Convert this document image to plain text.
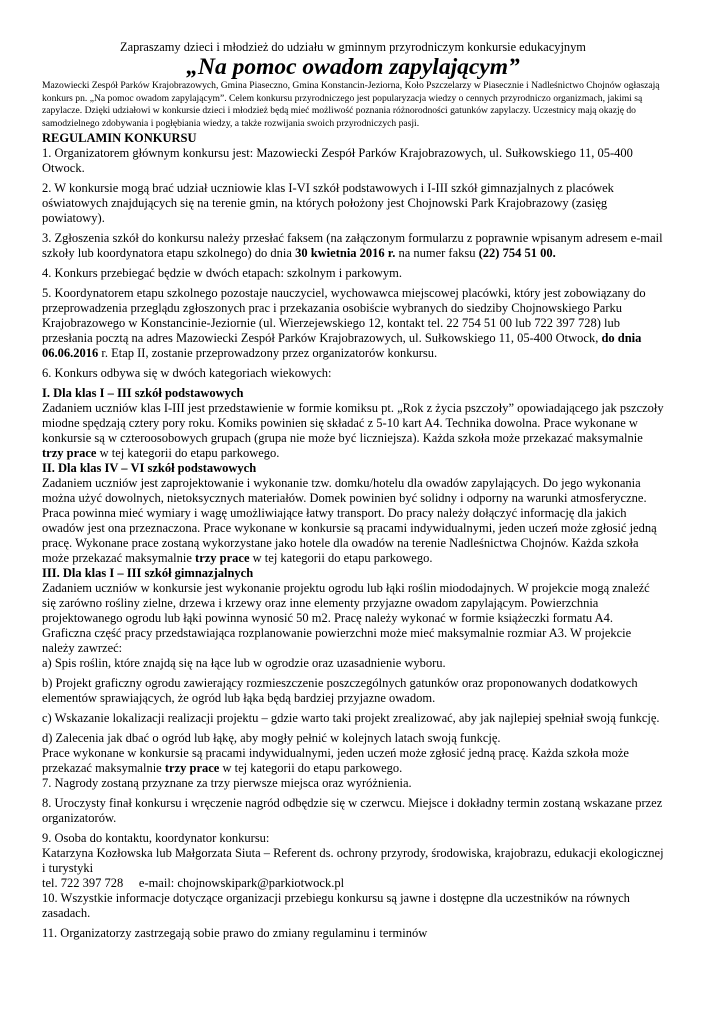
Zapraszamy dzieci i młodzież do udziału w gminnym przyrodniczym konkursie edukacyjnym

„Na pomoc owadom zapylającym”

Mazowiecki Zespół Parków Krajobrazowych, Gmina Piaseczno, Gmina Konstancin-Jeziorna, Koło Pszczelarzy w Piasecznie i Nadleśnictwo Chojnów ogłaszają konkurs pn. „Na pomoc owadom zapylającym”. Celem konkursu przyrodniczego jest popularyzacja wiedzy o cennych przyrodniczo organizmach, jakimi są zapylacze. Dzięki udziałowi w konkursie dzieci i młodzież będą mieć możliwość poznania różnorodności gatunków zapylaczy. Uczestnicy mają okazję do samodzielnego zdobywania i pogłębiania wiedzy, a także rozwijania swoich przyrodniczych pasji.

REGULAMIN KONKURSU

1. Organizatorem głównym konkursu jest: Mazowiecki Zespół Parków Krajobrazowych, ul. Sułkowskiego 11, 05-400 Otwock.

2. W konkursie mogą brać udział uczniowie klas I-VI szkół podstawowych i I-III szkół gimnazjalnych z placówek oświatowych znajdujących się na terenie gmin, na których położony jest Chojnowski Park Krajobrazowy (zasięg powiatowy).

3. Zgłoszenia szkół do konkursu należy przesłać faksem (na załączonym formularzu z poprawnie wpisanym adresem e-mail szkoły lub koordynatora etapu szkolnego) do dnia 30 kwietnia 2016 r. na numer faksu (22) 754 51 00.

4. Konkurs przebiegać będzie w dwóch etapach: szkolnym i parkowym.

5. Koordynatorem etapu szkolnego pozostaje nauczyciel, wychowawca miejscowej placówki, który jest zobowiązany do przeprowadzenia przeglądu zgłoszonych prac i przekazania osobiście wybranych do siedziby Chojnowskiego Parku Krajobrazowego w Konstancinie-Jeziornie (ul. Wierzejewskiego 12, kontakt tel. 22 754 51 00 lub 722 397 728) lub przesłania pocztą na adres Mazowiecki Zespół Parków Krajobrazowych, ul. Sułkowskiego 11, 05-400 Otwock, do dnia 06.06.2016 r. Etap II, zostanie przeprowadzony przez organizatorów konkursu.

6. Konkurs odbywa się w dwóch kategoriach wiekowych:

I. Dla klas I – III szkół podstawowych

Zadaniem uczniów klas I-III jest przedstawienie w formie komiksu pt. „Rok z życia pszczoły” opowiadającego jak pszczoły miodne spędzają cztery pory roku. Komiks powinien się składać z 5-10 kart A4. Technika dowolna. Prace wykonane w konkursie są w czteroosobowych grupach (grupa nie może być liczniejsza). Każda szkoła może przekazać maksymalnie trzy prace w tej kategorii do etapu parkowego.

II. Dla klas IV – VI szkół podstawowych

Zadaniem uczniów jest zaprojektowanie i wykonanie tzw. domku/hotelu dla owadów zapylających. Do jego wykonania można użyć dowolnych, nietoksycznych materiałów. Domek powinien być solidny i odporny na warunki atmosferyczne. Praca powinna mieć wymiary i wagę umożliwiające łatwy transport. Do pracy należy dołączyć informację dla jakich owadów jest ona przeznaczona. Prace wykonane w konkursie są pracami indywidualnymi, jeden uczeń może zgłosić jedną pracę. Wykonane prace zostaną wykorzystane jako hotele dla owadów na terenie Nadleśnictwa Chojnów. Każda szkoła może przekazać maksymalnie trzy prace w tej kategorii do etapu parkowego.

III. Dla klas I – III szkół gimnazjalnych

Zadaniem uczniów w konkursie jest wykonanie projektu ogrodu lub łąki roślin miododajnych. W projekcie mogą znaleźć się zarówno rośliny zielne, drzewa i krzewy oraz inne elementy przyjazne owadom zapylającym. Powierzchnia projektowanego ogrodu lub łąki powinna wynosić 50 m2. Pracę należy wykonać w formie książeczki formatu A4. Graficzna część pracy przedstawiająca rozplanowanie powierzchni może mieć maksymalnie rozmiar A3. W projekcie należy zawrzeć:

a) Spis roślin, które znajdą się na łące lub w ogrodzie oraz uzasadnienie wyboru.

b) Projekt graficzny ogrodu zawierający rozmieszczenie poszczególnych gatunków oraz proponowanych dodatkowych elementów sprawiających, że ogród lub łąka będą bardziej przyjazne owadom.

c) Wskazanie lokalizacji realizacji projektu – gdzie warto taki projekt zrealizować, aby jak najlepiej spełniał swoją funkcję.

d) Zalecenia jak dbać o ogród lub łąkę, aby mogły pełnić w kolejnych latach swoją funkcję.

Prace wykonane w konkursie są pracami indywidualnymi, jeden uczeń może zgłosić jedną pracę. Każda szkoła może przekazać maksymalnie trzy prace w tej kategorii do etapu parkowego.

7. Nagrody zostaną przyznane za trzy pierwsze miejsca oraz wyróżnienia.

8. Uroczysty finał konkursu i wręczenie nagród odbędzie się w czerwcu. Miejsce i dokładny termin zostaną wskazane przez organizatorów.

9. Osoba do kontaktu, koordynator konkursu:

Katarzyna Kozłowska lub Małgorzata Siuta – Referent ds. ochrony przyrody, środowiska, krajobrazu, edukacji ekologicznej i turystyki

tel. 722 397 728     e-mail: chojnowskipark@parkiotwock.pl

10. Wszystkie informacje dotyczące organizacji przebiegu konkursu są jawne i dostępne dla uczestników na równych zasadach.

11. Organizatorzy zastrzegają sobie prawo do zmiany regulaminu i terminów
